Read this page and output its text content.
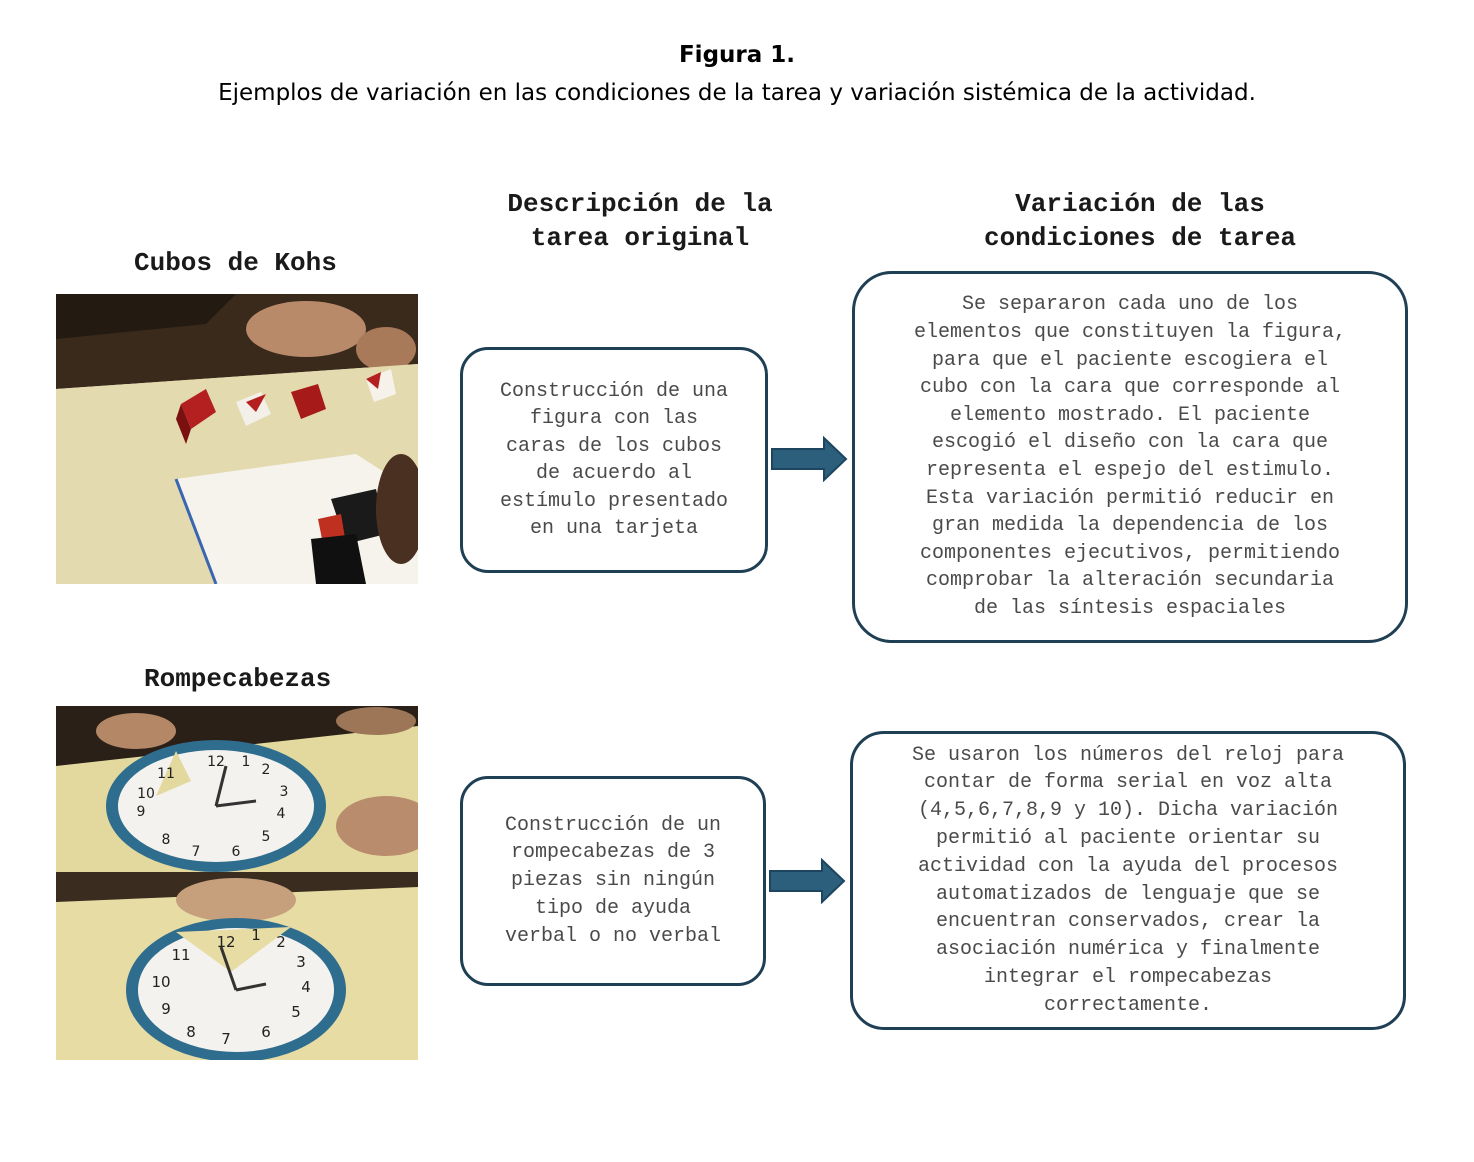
Figura 1.
Ejemplos de variación en las condiciones de la tarea y variación sistémica de la actividad.
Descripción de la
tarea original
Variación de las
condiciones de tarea
Cubos de Kohs
Construcción de una
figura con las
caras de los cubos
de acuerdo al
estímulo presentado
en una tarjeta
Se separaron cada uno de los
elementos que constituyen la figura,
para que el paciente escogiera el
cubo con la cara que corresponde al
elemento mostrado. El paciente
escogió el diseño con la cara que
representa el espejo del estimulo.
Esta variación permitió reducir en
gran medida la dependencia de los
componentes ejecutivos, permitiendo
comprobar la alteración secundaria
de las síntesis espaciales
Rompecabezas
12
11
10
9
8
7 6
5
4
3
2
1
12
11
10
9
8 7 6
5
4
3
2
1
Construcción de un
rompecabezas de 3
piezas sin ningún
tipo de ayuda
verbal o no verbal
Se usaron los números del reloj para
contar de forma serial en voz alta
(4,5,6,7,8,9 y 10). Dicha variación
permitió al paciente orientar su
actividad con la ayuda del procesos
automatizados de lenguaje que se
encuentran conservados, crear la
asociación numérica y finalmente
integrar el rompecabezas
correctamente.
